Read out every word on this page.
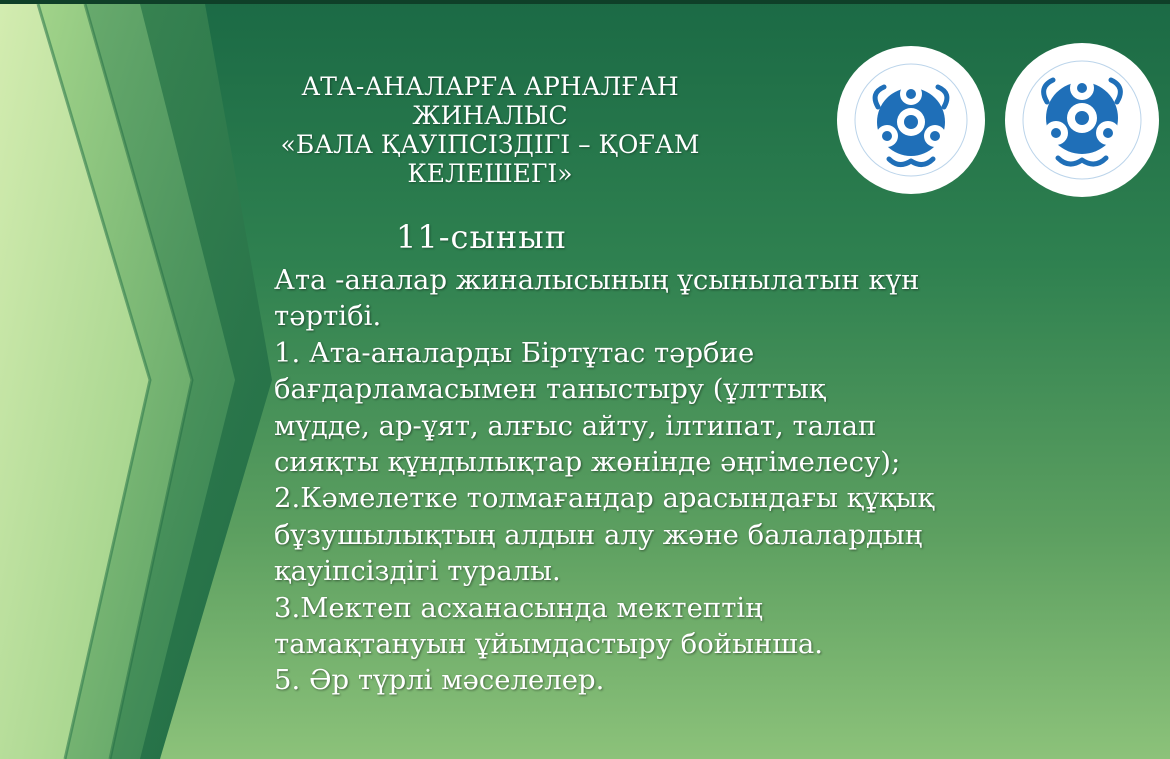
АТА-АНАЛАРҒА АРНАЛҒАН
ЖИНАЛЫС
«БАЛА ҚАУІПСІЗДІГІ – ҚОҒАМ
КЕЛЕШЕГІ»
11-сынып
Ата -аналар жиналысының ұсынылатын күн
тәртібі.
1. Ата-аналарды Біртұтас тәрбие
бағдарламасымен таныстыру (ұлттық
мүдде, ар-ұят, алғыс айту, ілтипат, талап
сияқты құндылықтар жөнінде әңгімелесу);
2.Кәмелетке толмағандар арасындағы құқық
бұзушылықтың алдын алу және балалардың
қауіпсіздігі туралы.
3.Мектеп асханасында мектептің
тамақтануын ұйымдастыру бойынша.
5. Әр түрлі мәселелер.
